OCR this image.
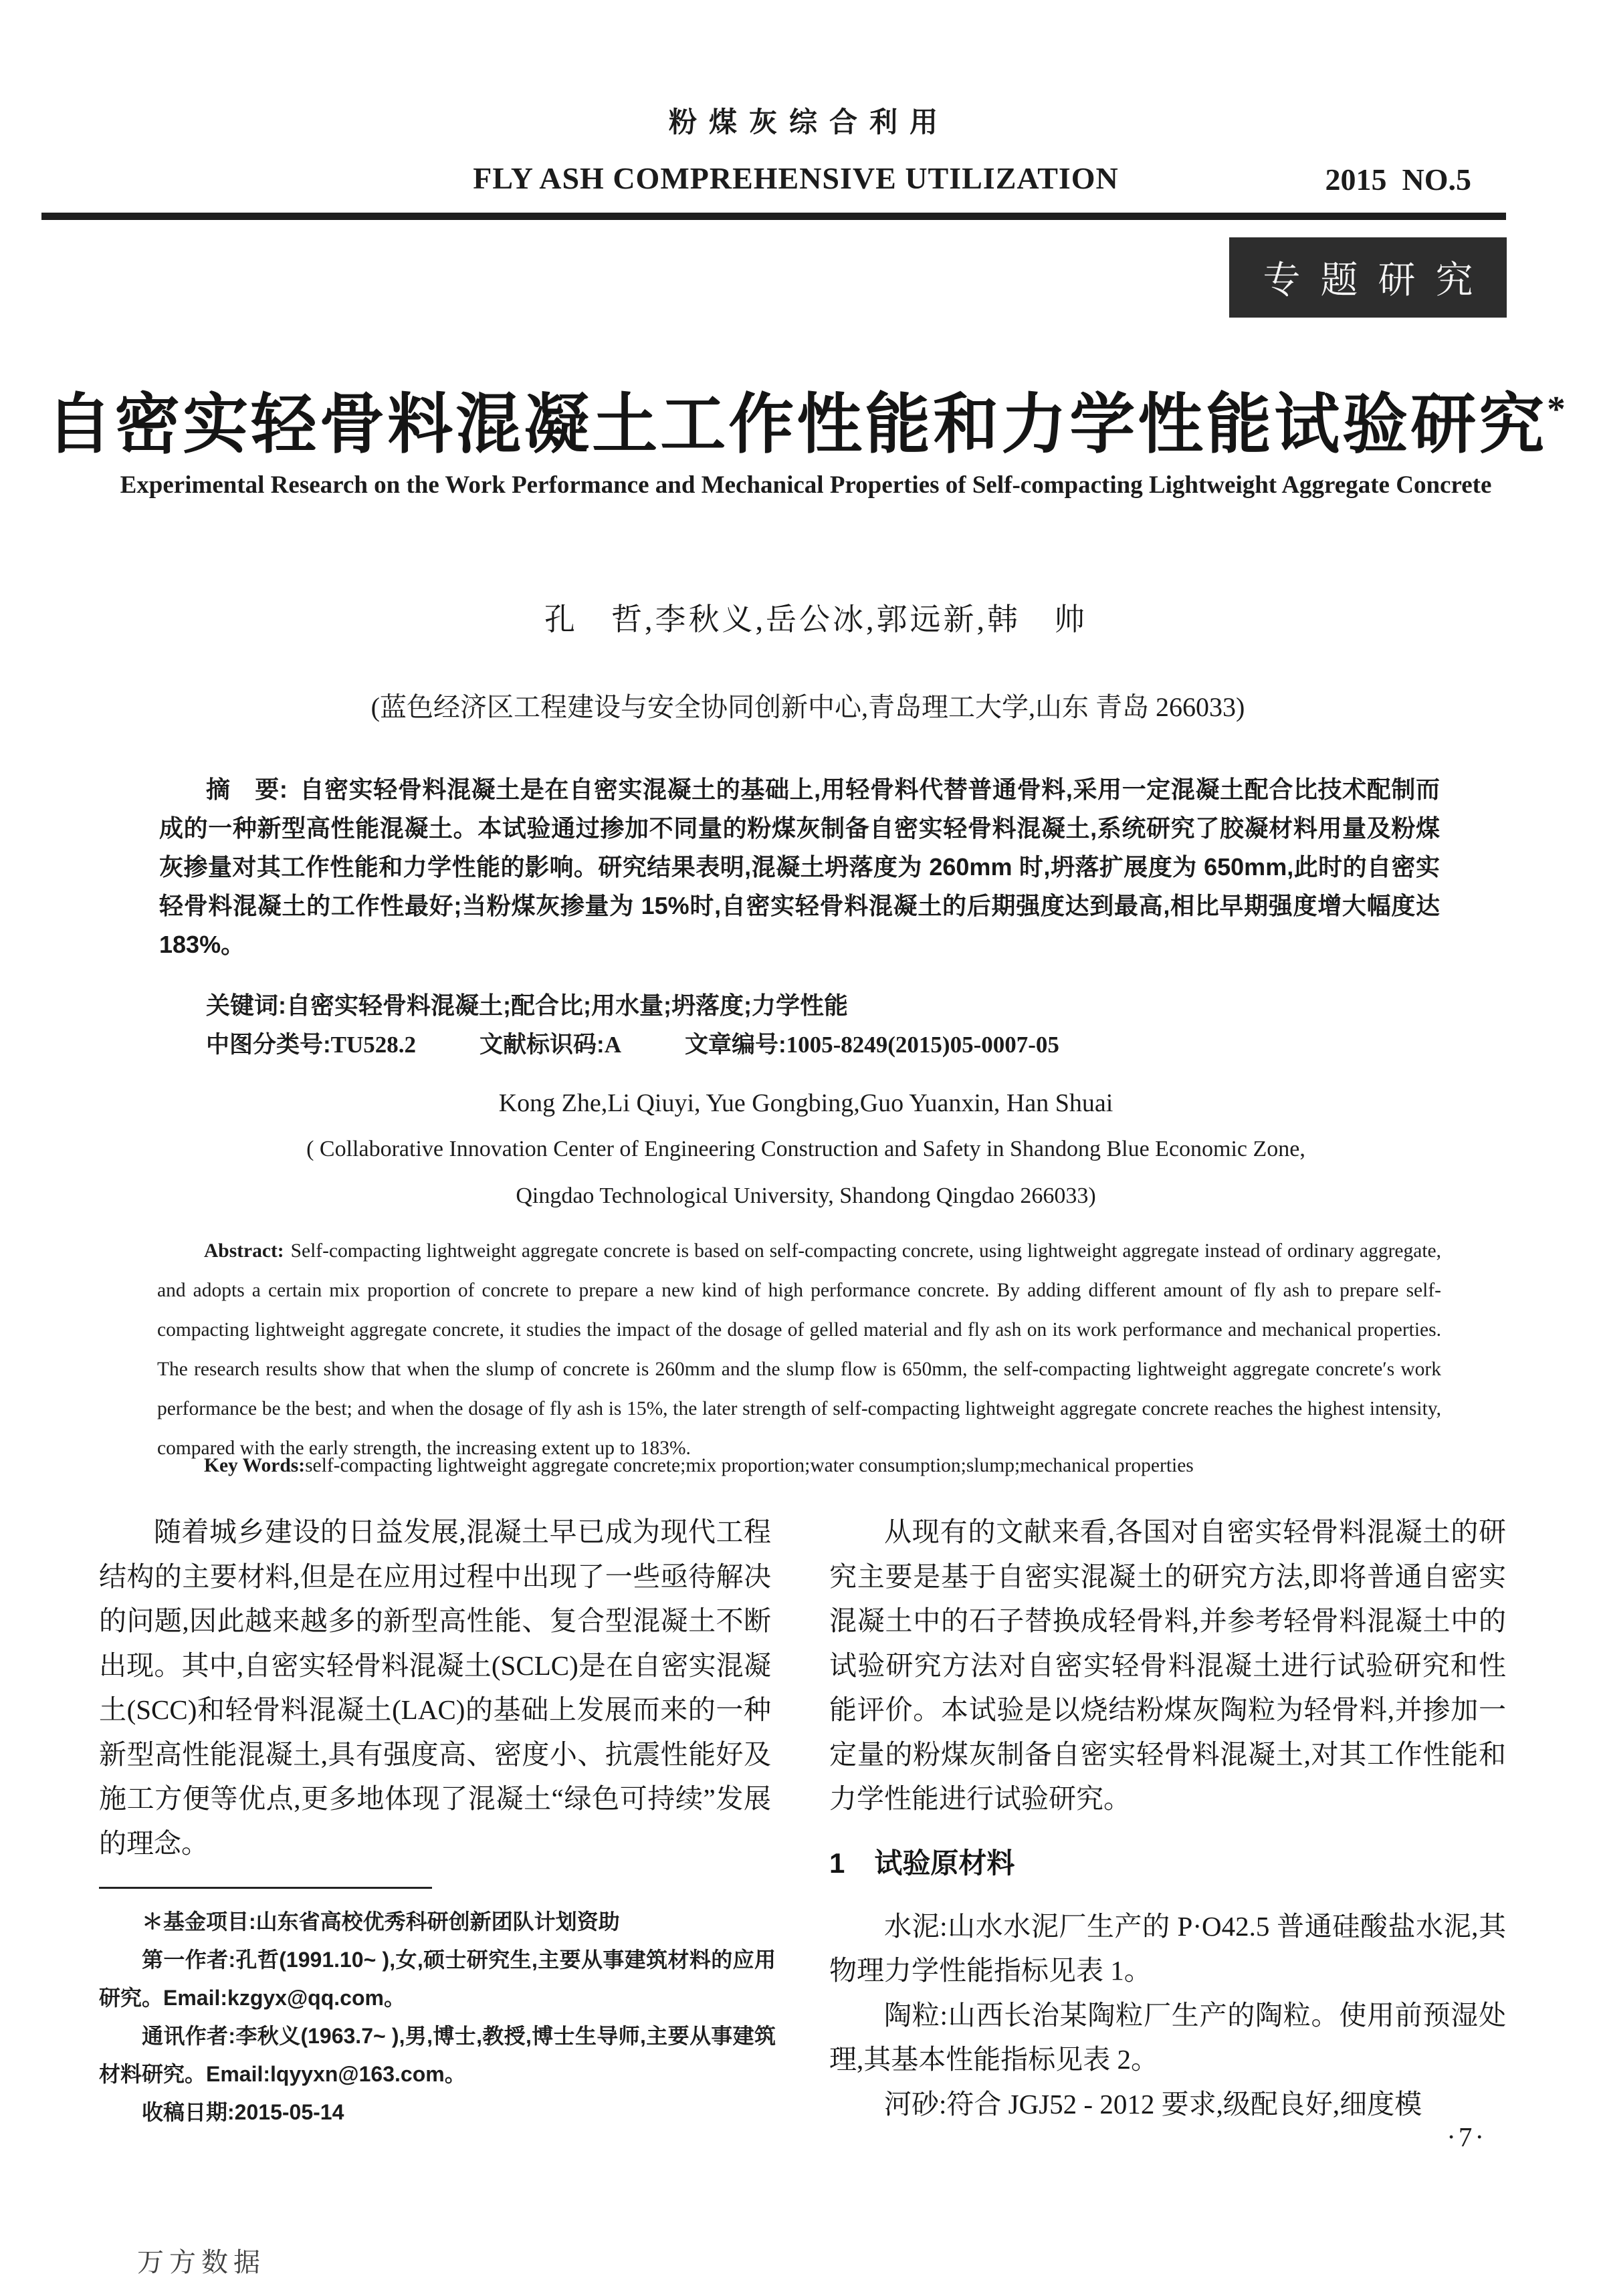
粉煤灰综合利用
FLY ASH COMPREHENSIVE UTILIZATION	2015  NO.5
专题研究
自密实轻骨料混凝土工作性能和力学性能试验研究*
Experimental Research on the Work Performance and Mechanical Properties of Self-compacting Lightweight Aggregate Concrete
孔　哲,李秋义,岳公冰,郭远新,韩　帅
(蓝色经济区工程建设与安全协同创新中心,青岛理工大学,山东 青岛 266033)

摘　要: 自密实轻骨料混凝土是在自密实混凝土的基础上,用轻骨料代替普通骨料,采用一定混凝土配合比技术配制而成的一种新型高性能混凝土。本试验通过掺加不同量的粉煤灰制备自密实轻骨料混凝土,系统研究了胶凝材料用量及粉煤灰掺量对其工作性能和力学性能的影响。研究结果表明,混凝土坍落度为 260mm 时,坍落扩展度为 650mm,此时的自密实轻骨料混凝土的工作性最好;当粉煤灰掺量为 15%时,自密实轻骨料混凝土的后期强度达到最高,相比早期强度增大幅度达 183%。

关键词:自密实轻骨料混凝土;配合比;用水量;坍落度;力学性能

中图分类号:TU528.2	文献标识码:A	文章编号:1005-8249(2015)05-0007-05

Kong Zhe,Li Qiuyi, Yue Gongbing,Guo Yuanxin, Han Shuai
( Collaborative Innovation Center of Engineering Construction and Safety in Shandong Blue Economic Zone,
Qingdao Technological University, Shandong Qingdao 266033)

Abstract: Self-compacting lightweight aggregate concrete is based on self-compacting concrete, using lightweight aggregate instead of ordinary aggregate, and adopts a certain mix proportion of concrete to prepare a new kind of high performance concrete. By adding different amount of fly ash to prepare self-compacting lightweight aggregate concrete, it studies the impact of the dosage of gelled material and fly ash on its work performance and mechanical properties. The research results show that when the slump of concrete is 260mm and the slump flow is 650mm, the self-compacting lightweight aggregate concrete′s work performance be the best; and when the dosage of fly ash is 15%, the later strength of self-compacting lightweight aggregate concrete reaches the highest intensity, compared with the early strength, the increasing extent up to 183%.

Key Words:self-compacting lightweight aggregate concrete;mix proportion;water consumption;slump;mechanical properties

随着城乡建设的日益发展,混凝土早已成为现代工程结构的主要材料,但是在应用过程中出现了一些亟待解决的问题,因此越来越多的新型高性能、复合型混凝土不断出现。其中,自密实轻骨料混凝土(SCLC)是在自密实混凝土(SCC)和轻骨料混凝土(LAC)的基础上发展而来的一种新型高性能混凝土,具有强度高、密度小、抗震性能好及施工方便等优点,更多地体现了混凝土“绿色可持续”发展的理念。

从现有的文献来看,各国对自密实轻骨料混凝土的研究主要是基于自密实混凝土的研究方法,即将普通自密实混凝土中的石子替换成轻骨料,并参考轻骨料混凝土中的试验研究方法对自密实轻骨料混凝土进行试验研究和性能评价。本试验是以烧结粉煤灰陶粒为轻骨料,并掺加一定量的粉煤灰制备自密实轻骨料混凝土,对其工作性能和力学性能进行试验研究。

1 试验原材料

水泥:山水水泥厂生产的 P·O42.5 普通硅酸盐水泥,其物理力学性能指标见表 1。

陶粒:山西长治某陶粒厂生产的陶粒。使用前预湿处理,其基本性能指标见表 2。

河砂:符合 JGJ52 - 2012 要求,级配良好,细度模

＊基金项目:山东省高校优秀科研创新团队计划资助

第一作者:孔哲(1991.10~ ),女,硕士研究生,主要从事建筑材料的应用研究。Email:kzgyx@qq.com。

通讯作者:李秋义(1963.7~ ),男,博士,教授,博士生导师,主要从事建筑材料研究。Email:lqyyxn@163.com。

收稿日期:2015-05-14

·7·
万方数据
